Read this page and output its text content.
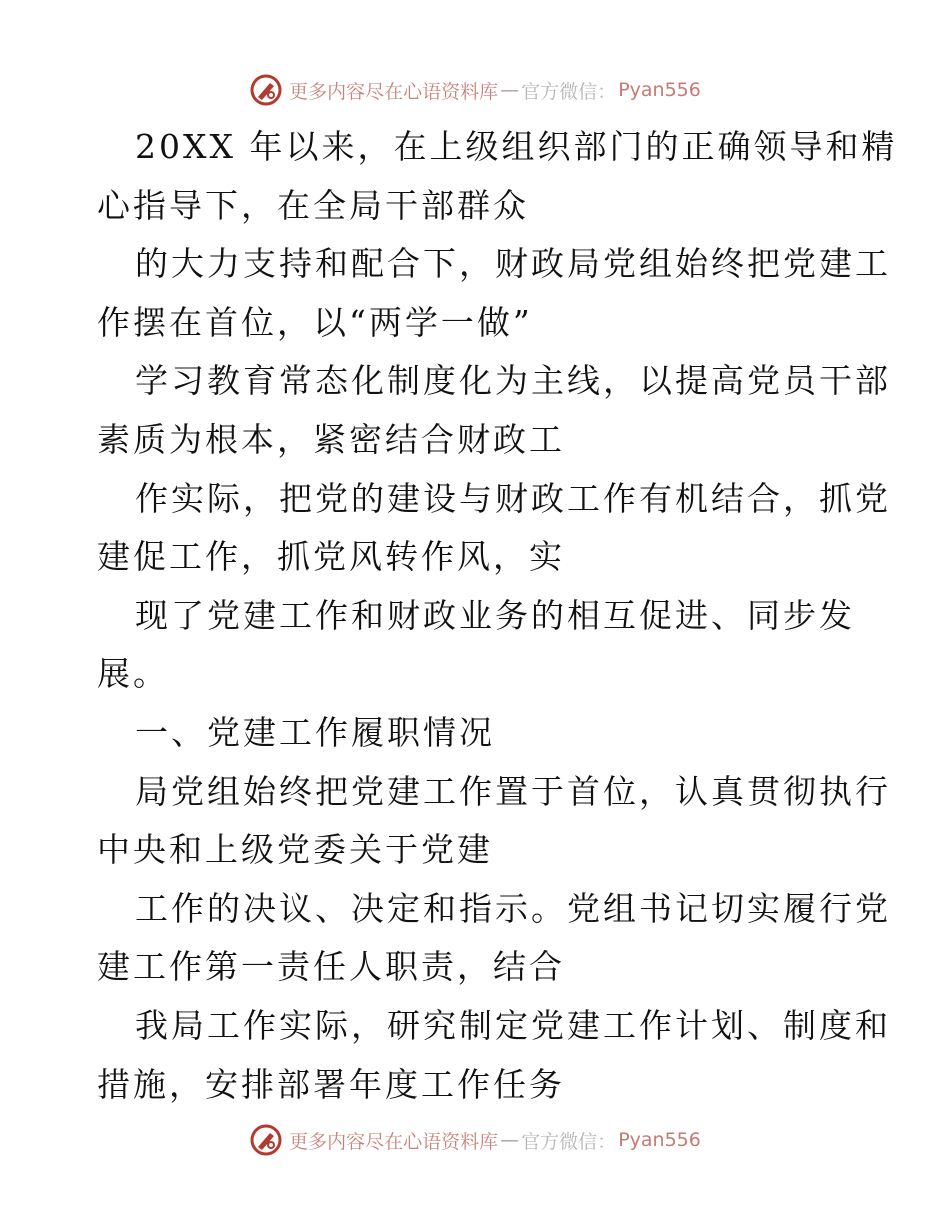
更多内容尽在心语资料库 — 官方微信： Pyan556
20XX 年以来，在上级组织部门的正确领导和精
心指导下，在全局干部群众
的大力支持和配合下，财政局党组始终把党建工
作摆在首位，以“两学一做”
学习教育常态化制度化为主线，以提高党员干部
素质为根本，紧密结合财政工
作实际，把党的建设与财政工作有机结合，抓党
建促工作，抓党风转作风，实
现了党建工作和财政业务的相互促进、同步发
展。
一、党建工作履职情况
局党组始终把党建工作置于首位，认真贯彻执行
中央和上级党委关于党建
工作的决议、决定和指示。党组书记切实履行党
建工作第一责任人职责，结合
我局工作实际，研究制定党建工作计划、制度和
措施，安排部署年度工作任务
更多内容尽在心语资料库 — 官方微信： Pyan556
